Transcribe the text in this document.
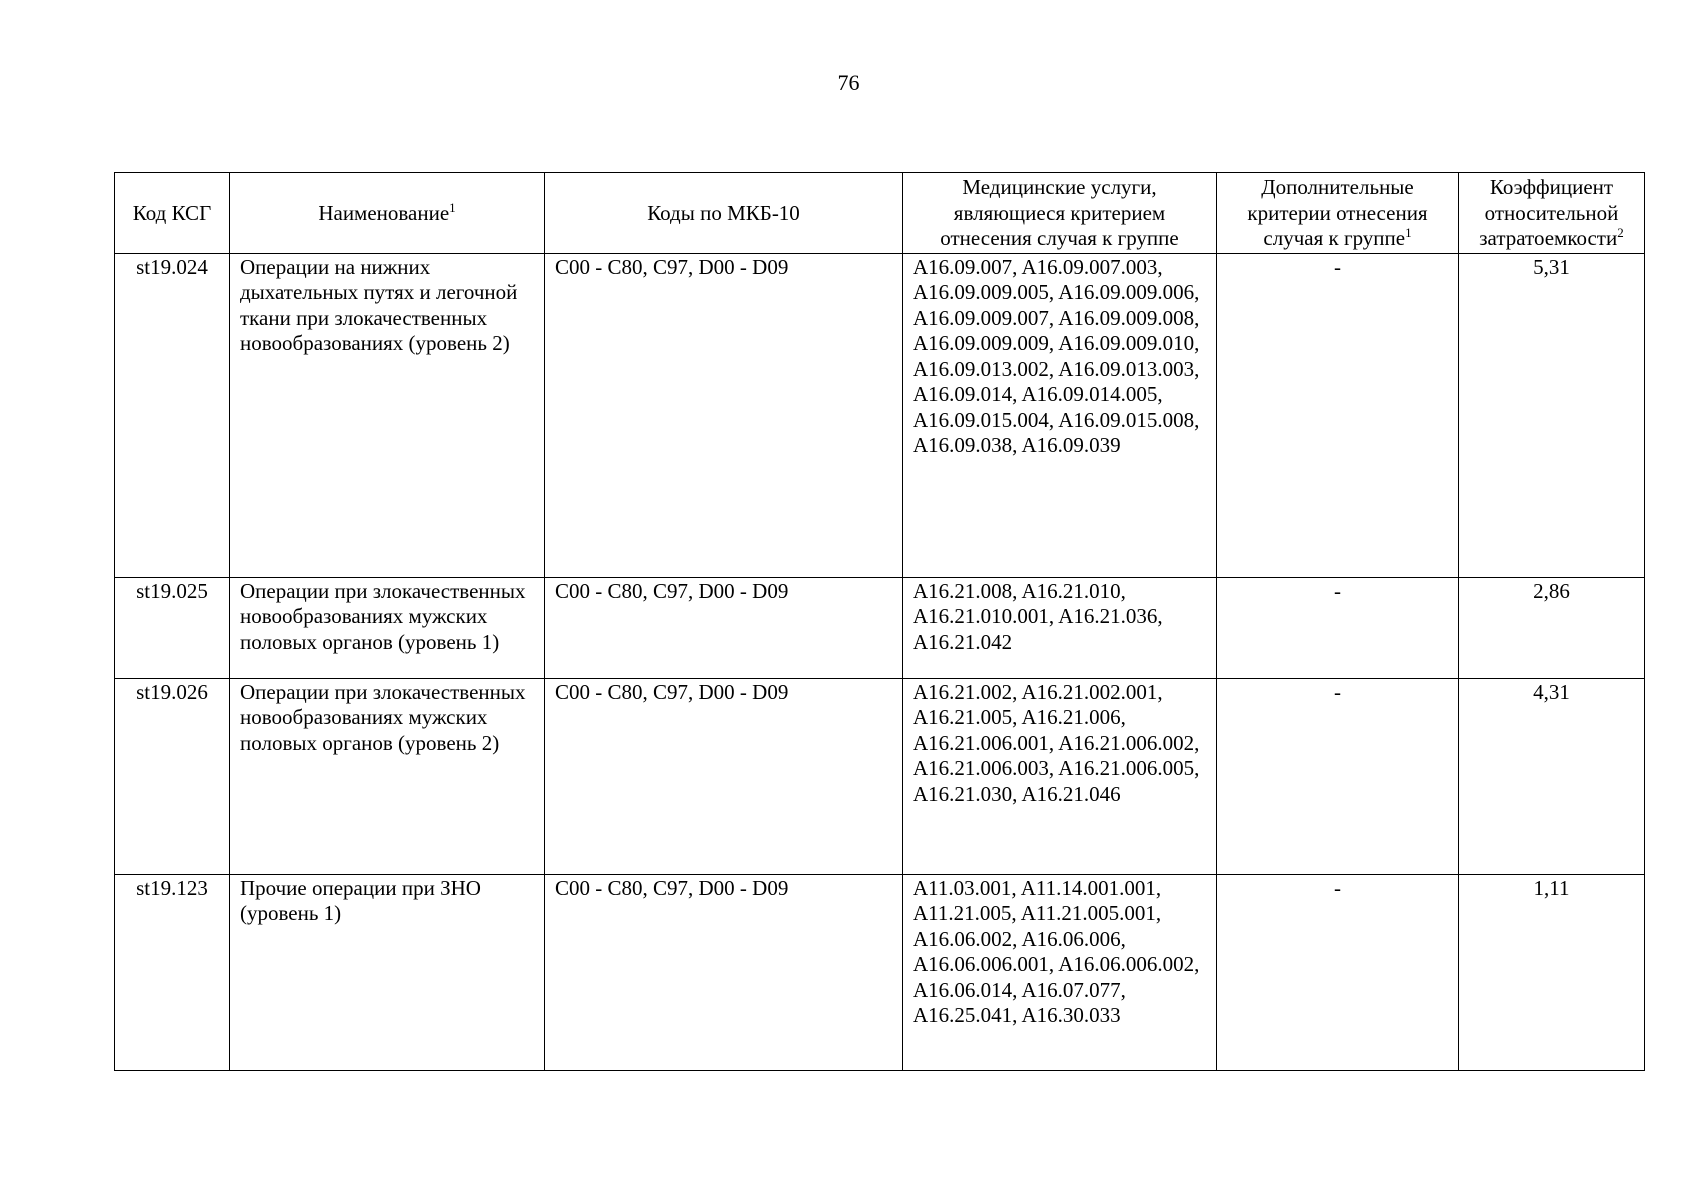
76
Код КСГ	Наименование$^1$	Коды по МКБ-10	Медицинские услуги, являющиеся критерием отнесения случая к группе	Дополнительные критерии отнесения случая к группе$^1$	Коэффициент относительной затратоемкости$^2$
st19.024	Операции на нижних дыхательных путях и легочной ткани при злокачественных новообразованиях (уровень 2)	C00 - C80, C97, D00 - D09	A16.09.007, A16.09.007.003, A16.09.009.005, A16.09.009.006, A16.09.009.007, A16.09.009.008, A16.09.009.009, A16.09.009.010, A16.09.013.002, A16.09.013.003, A16.09.014, A16.09.014.005, A16.09.015.004, A16.09.015.008, A16.09.038, A16.09.039	-	5,31
st19.025	Операции при злокачественных новообразованиях мужских половых органов (уровень 1)	C00 - C80, C97, D00 - D09	A16.21.008, A16.21.010, A16.21.010.001, A16.21.036, A16.21.042	-	2,86
st19.026	Операции при злокачественных новообразованиях мужских половых органов (уровень 2)	C00 - C80, C97, D00 - D09	A16.21.002, A16.21.002.001, A16.21.005, A16.21.006, A16.21.006.001, A16.21.006.002, A16.21.006.003, A16.21.006.005, A16.21.030, A16.21.046	-	4,31
st19.123	Прочие операции при ЗНО (уровень 1)	C00 - C80, C97, D00 - D09	A11.03.001, A11.14.001.001, A11.21.005, A11.21.005.001, A16.06.002, A16.06.006, A16.06.006.001, A16.06.006.002, A16.06.014, A16.07.077, A16.25.041, A16.30.033	-	1,11
